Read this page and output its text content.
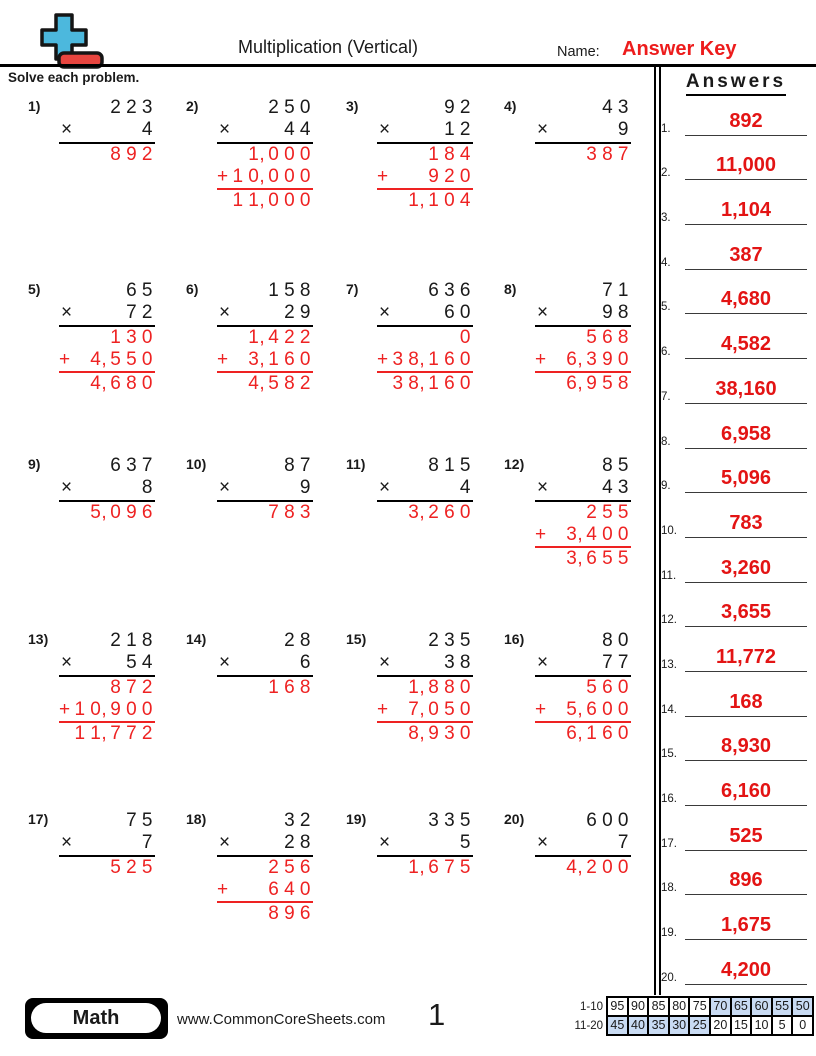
Multiplication (Vertical)	Name: Answer Key
Solve each problem.
1)	2 2 3
×	4
8 9 2
2)	2 5 0
×	4 4
1, 0 0 0
+ 1 0, 0 0 0
1 1, 0 0 0
3)	9 2
×	1 2
1 8 4
+ 9 2 0
1, 1 0 4
4)	4 3
×	9
3 8 7
5)	6 5
×	7 2
1 3 0
+ 4, 5 5 0
4, 6 8 0
6)	1 5 8
×	2 9
1, 4 2 2
+ 3, 1 6 0
4, 5 8 2
7)	6 3 6
×	6 0
0
+ 3 8, 1 6 0
3 8, 1 6 0
8)	7 1
×	9 8
5 6 8
+ 6, 3 9 0
6, 9 5 8
9)	6 3 7
×	8
5, 0 9 6
10)	8 7
×	9
7 8 3
11)	8 1 5
×	4
3, 2 6 0
12)	8 5
×	4 3
2 5 5
+ 3, 4 0 0
3, 6 5 5
13)	2 1 8
×	5 4
8 7 2
+ 1 0, 9 0 0
1 1, 7 7 2
14)	2 8
×	6
1 6 8
15)	2 3 5
×	3 8
1, 8 8 0
+ 7, 0 5 0
8, 9 3 0
16)	8 0
×	7 7
5 6 0
+ 5, 6 0 0
6, 1 6 0
17)	7 5
×	7
5 2 5
18)	3 2
×	2 8
2 5 6
+ 6 4 0
8 9 6
19)	3 3 5
×	5
1, 6 7 5
20)	6 0 0
×	7
4, 2 0 0
Answers
1.	892
2.	11,000
3.	1,104
4.	387
5.	4,680
6.	4,582
7.	38,160
8.	6,958
9.	5,096
10.	783
11.	3,260
12.	3,655
13.	11,772
14.	168
15.	8,930
16.	6,160
17.	525
18.	896
19.	1,675
20.	4,200
Math	www.CommonCoreSheets.com 1	1-10 95 90 85 80 75 70 65 60 55 50
11-20 45 40 35 30 25 20 15 10 5	0
